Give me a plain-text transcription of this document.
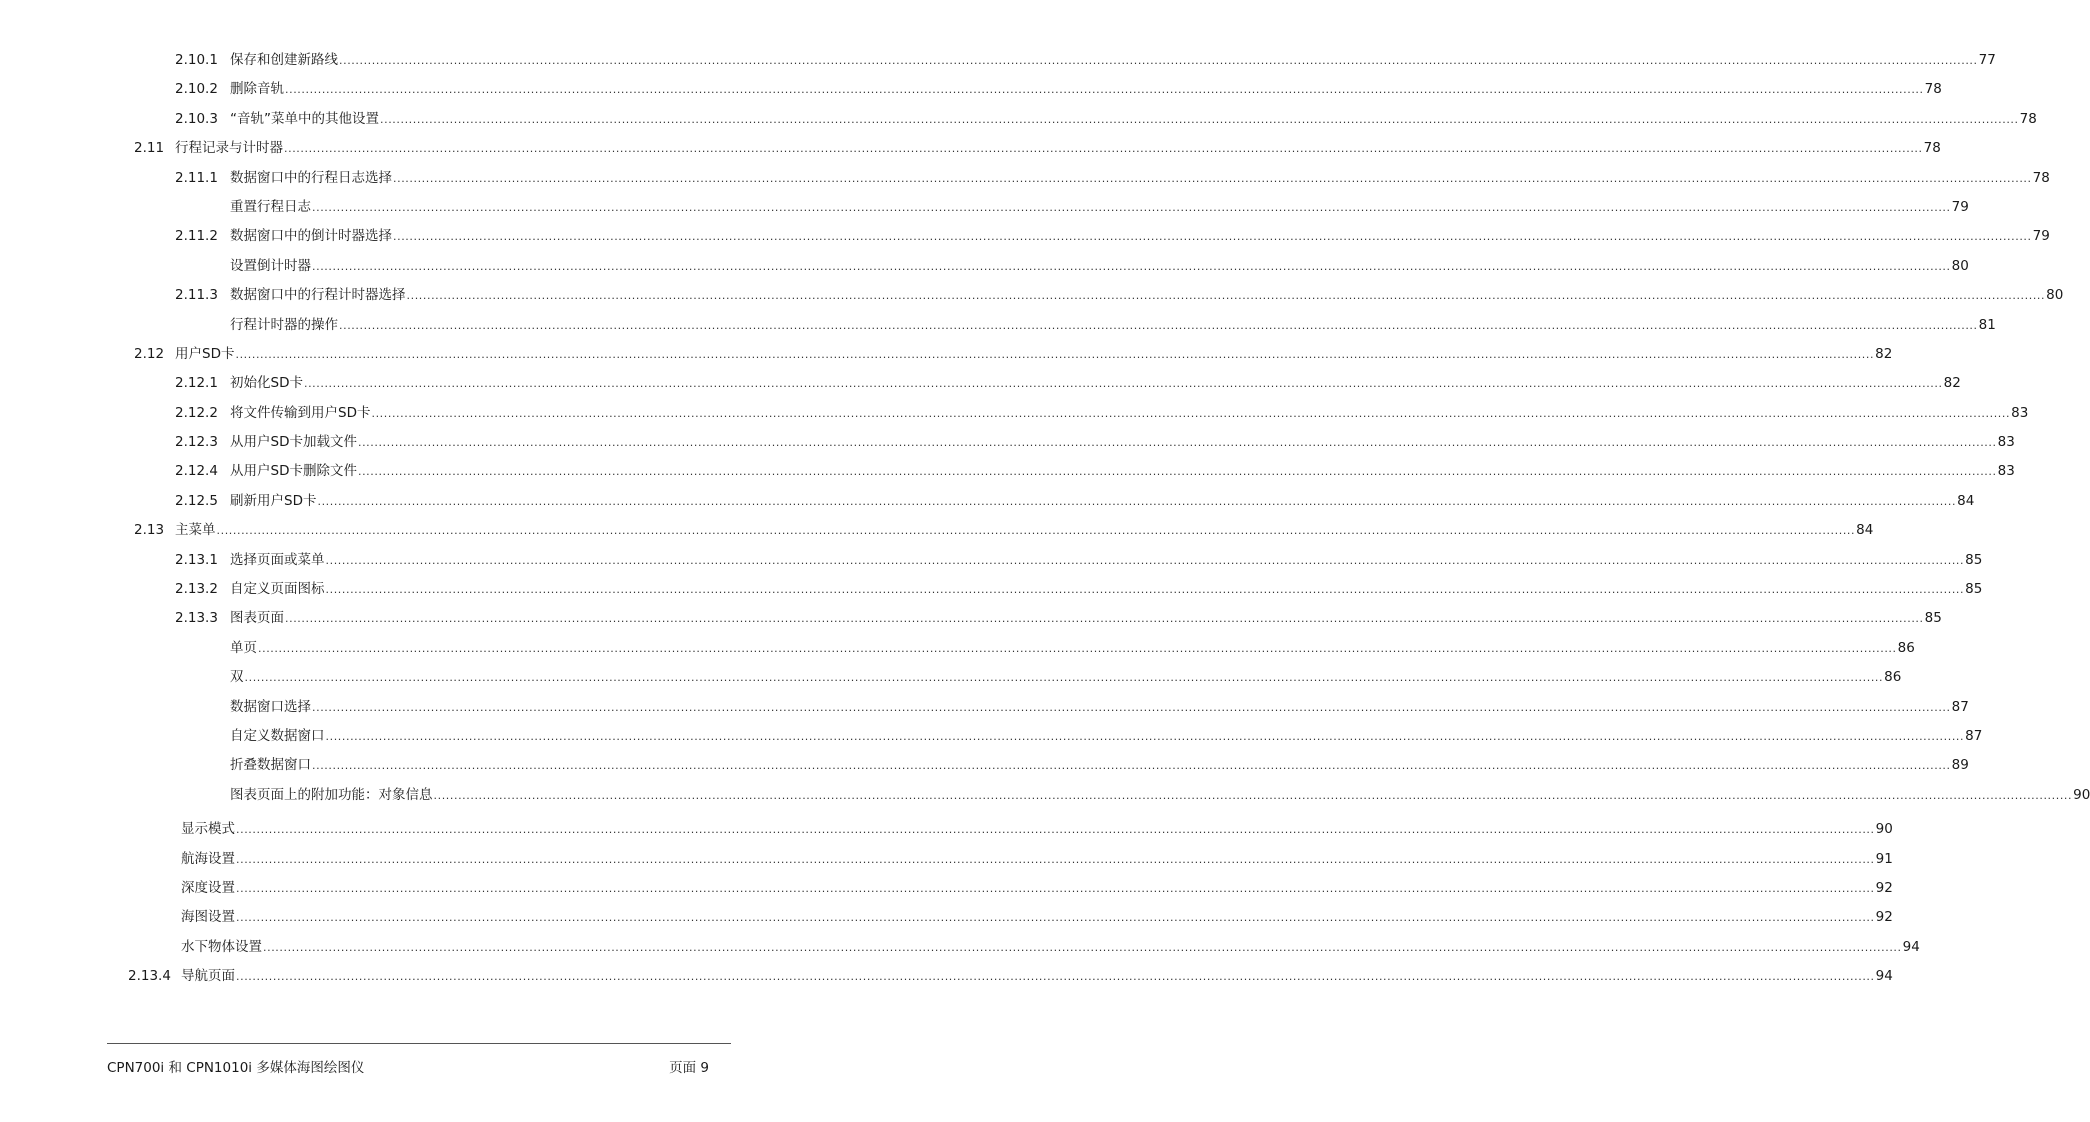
2.10.1 保存和创建新路线 ................................................................................................................................................................................................................................................................................................................................................................................................................ 77
2.10.2 删除音轨 ................................................................................................................................................................................................................................................................................................................................................................................................................ 78
2.10.3 “音轨”菜单中的其他设置 ................................................................................................................................................................................................................................................................................................................................................................................................................ 78
2.11 行程记录与计时器 ................................................................................................................................................................................................................................................................................................................................................................................................................ 78
2.11.1 数据窗口中的行程日志选择 ................................................................................................................................................................................................................................................................................................................................................................................................................ 78
重置行程日志 ................................................................................................................................................................................................................................................................................................................................................................................................................ 79
2.11.2 数据窗口中的倒计时器选择 ................................................................................................................................................................................................................................................................................................................................................................................................................ 79
设置倒计时器 ................................................................................................................................................................................................................................................................................................................................................................................................................ 80
2.11.3 数据窗口中的行程计时器选择 ................................................................................................................................................................................................................................................................................................................................................................................................................ 80
行程计时器的操作 ................................................................................................................................................................................................................................................................................................................................................................................................................ 81
2.12 用户SD卡 ................................................................................................................................................................................................................................................................................................................................................................................................................ 82
2.12.1 初始化SD卡 ................................................................................................................................................................................................................................................................................................................................................................................................................ 82
2.12.2 将文件传输到用户SD卡 ................................................................................................................................................................................................................................................................................................................................................................................................................ 83
2.12.3 从用户SD卡加载文件 ................................................................................................................................................................................................................................................................................................................................................................................................................ 83
2.12.4 从用户SD卡删除文件 ................................................................................................................................................................................................................................................................................................................................................................................................................ 83
2.12.5 刷新用户SD卡 ................................................................................................................................................................................................................................................................................................................................................................................................................ 84
2.13 主菜单 ................................................................................................................................................................................................................................................................................................................................................................................................................ 84
2.13.1 选择页面或菜单 ................................................................................................................................................................................................................................................................................................................................................................................................................ 85
2.13.2 自定义页面图标 ................................................................................................................................................................................................................................................................................................................................................................................................................ 85
2.13.3 图表页面 ................................................................................................................................................................................................................................................................................................................................................................................................................ 85
单页 ................................................................................................................................................................................................................................................................................................................................................................................................................ 86
双 ................................................................................................................................................................................................................................................................................................................................................................................................................ 86
数据窗口选择 ................................................................................................................................................................................................................................................................................................................................................................................................................ 87
自定义数据窗口 ................................................................................................................................................................................................................................................................................................................................................................................................................ 87
折叠数据窗口 ................................................................................................................................................................................................................................................................................................................................................................................................................ 89
图表页面上的附加功能：对象信息 ................................................................................................................................................................................................................................................................................................................................................................................................................ 90
显示模式 ................................................................................................................................................................................................................................................................................................................................................................................................................ 90
航海设置 ................................................................................................................................................................................................................................................................................................................................................................................................................ 91
深度设置 ................................................................................................................................................................................................................................................................................................................................................................................................................ 92
海图设置 ................................................................................................................................................................................................................................................................................................................................................................................................................ 92
水下物体设置 ................................................................................................................................................................................................................................................................................................................................................................................................................ 94
2.13.4 导航页面 ................................................................................................................................................................................................................................................................................................................................................................................................................ 94
CPN700i 和 CPN1010i 多媒体海图绘图仪	页面 9
